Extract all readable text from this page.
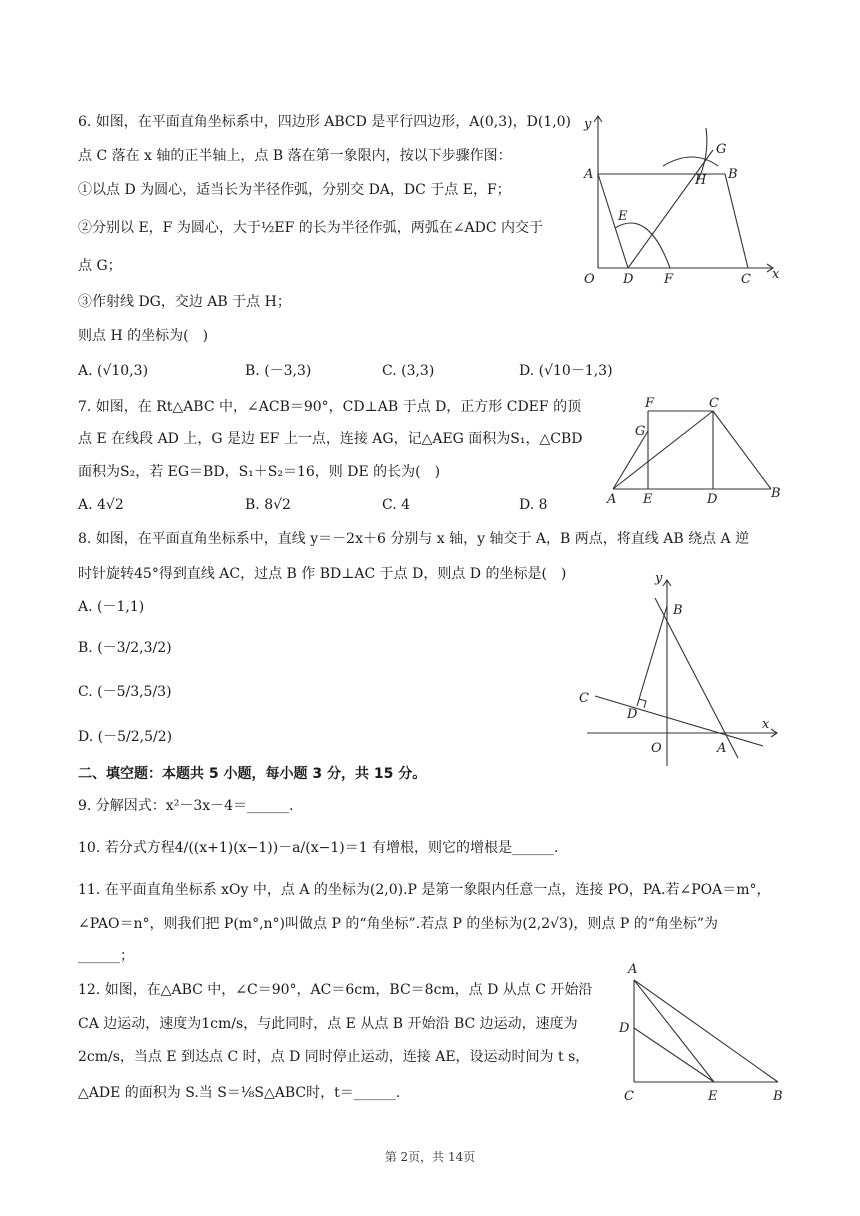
6. 如图，在平面直角坐标系中，四边形 ABCD 是平行四边形，A(0,3)，D(1,0)
点 C 落在 x 轴的正半轴上，点 B 落在第一象限内，按以下步骤作图：
①以点 D 为圆心，适当长为半径作弧，分别交 DA，DC 于点 E，F；
②分别以 E，F 为圆心，大于½EF 的长为半径作弧，两弧在∠ADC 内交于
点 G；
③作射线 DG，交边 AB 于点 H；
则点 H 的坐标为(　)
A. (√10,3)	B. (－3,3)	C. (3,3)	D. (√10－1,3)
y
x
A	B
C
D
E
F
G
H
O
7. 如图，在 Rt△ABC 中，∠ACB＝90°，CD⊥AB 于点 D，正方形 CDEF 的顶
点 E 在线段 AD 上，G 是边 EF 上一点，连接 AG，记△AEG 面积为S₁，△CBD
面积为S₂，若 EG＝BD，S₁＋S₂＝16，则 DE 的长为(　)
A. 4√2	B. 8√2	C. 4	D. 8	A	B
C
D
E
F
G
8. 如图，在平面直角坐标系中，直线 y＝－2x＋6 分别与 x 轴，y 轴交于 A，B 两点，将直线 AB 绕点 A 逆
时针旋转45°得到直线 AC，过点 B 作 BD⊥AC 于点 D，则点 D 的坐标是(　)
A. (－1,1)
B. (－3/2,3/2)
C. (－5/3,5/3)
D. (－5/2,5/2)
y
x
A
B
C
D
O
二、填空题：本题共 5 小题，每小题 3 分，共 15 分。
9. 分解因式：x²－3x－4＝______.
10. 若分式方程4/((x+1)(x−1))－a/(x−1)＝1 有增根，则它的增根是______.
11. 在平面直角坐标系 xOy 中，点 A 的坐标为(2,0).P 是第一象限内任意一点，连接 PO，PA.若∠POA＝m°，
∠PAO＝n°，则我们把 P(m°,n°)叫做点 P 的“角坐标”.若点 P 的坐标为(2,2√3)，则点 P 的“角坐标”为
______；
12. 如图，在△ABC 中，∠C＝90°，AC＝6cm，BC＝8cm，点 D 从点 C 开始沿
CA 边运动，速度为1cm/s，与此同时，点 E 从点 B 开始沿 BC 边运动，速度为
2cm/s，当点 E 到达点 C 时，点 D 同时停止运动，连接 AE，设运动时间为 t s，
△ADE 的面积为 S.当 S＝⅛S△ABC时，t＝______.
A
B
C
D
E
第 2页，共 14页
